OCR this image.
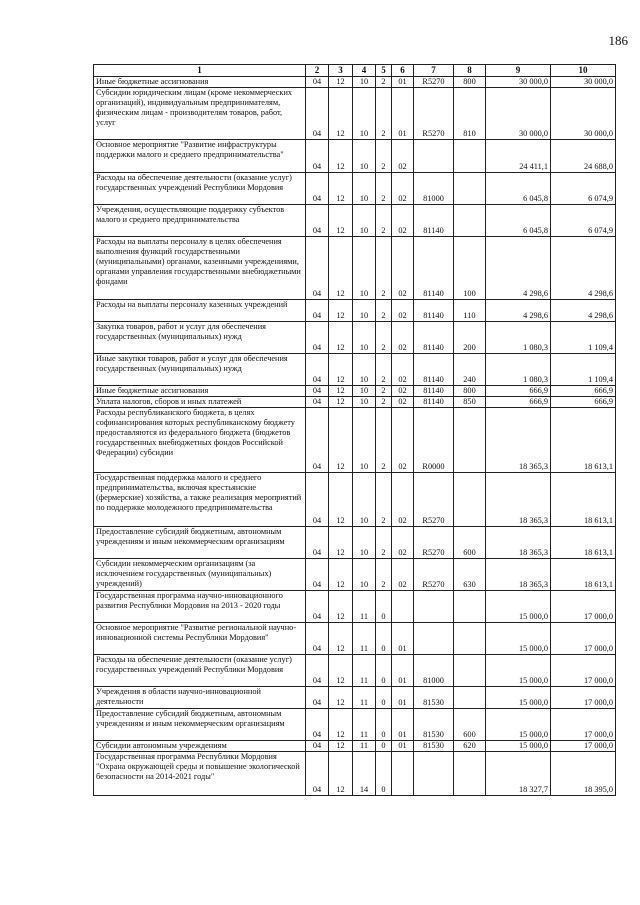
186
1	2	3	4	5	6	7	8	9	10
Иные бюджетные ассигнования	04	12	10	2	01	R5270	800	30 000,0	30 000,0
Субсидии юридическим лицам (кроме некоммерческих организаций), индивидуальным предпринимателям, физическим лицам - производителям товаров, работ, услуг	04	12	10	2	01	R5270	810	30 000,0	30 000,0
Основное мероприятие "Развитие инфраструктуры поддержки малого и среднего предпринимательства"	04	12	10	2	02			24 411,1	24 688,0
Расходы на обеспечение деятельности (оказание услуг) государственных учреждений Республики Мордовия	04	12	10	2	02	81000		6 045,8	6 074,9
Учреждения, осуществляющие поддержку субъектов малого и среднего предпринимательства	04	12	10	2	02	81140		6 045,8	6 074,9
Расходы на выплаты персоналу в целях обеспечения выполнения функций государственными (муниципальными) органами, казенными учреждениями, органами управления государственными внебюджетными фондами	04	12	10	2	02	81140	100	4 298,6	4 298,6
Расходы на выплаты персоналу казенных учреждений	04	12	10	2	02	81140	110	4 298,6	4 298,6
Закупка товаров, работ и услуг для обеспечения государственных (муниципальных) нужд	04	12	10	2	02	81140	200	1 080,3	1 109,4
Иные закупки товаров, работ и услуг для обеспечения государственных (муниципальных) нужд	04	12	10	2	02	81140	240	1 080,3	1 109,4
Иные бюджетные ассигнования	04	12	10	2	02	81140	800	666,9	666,9
Уплата налогов, сборов и иных платежей	04	12	10	2	02	81140	850	666,9	666,9
Расходы республиканского бюджета, в целях софинансирования которых республиканскому бюджету предоставляются из федерального бюджета (бюджетов государственных внебюджетных фондов Российской Федерации) субсидии	04	12	10	2	02	R0000		18 365,3	18 613,1
Государственная поддержка малого и среднего предпринимательства, включая крестьянские (фермерские) хозяйства, а также реализация мероприятий по поддержке молодежного предпринимательства	04	12	10	2	02	R5270		18 365,3	18 613,1
Предоставление субсидий бюджетным, автономным учреждениям и иным некоммерческим организациям	04	12	10	2	02	R5270	600	18 365,3	18 613,1
Субсидии некоммерческим организациям (за исключением государственных (муниципальных) учреждений)	04	12	10	2	02	R5270	630	18 365,3	18 613,1
Государственная программа научно-инновационного развития Республики Мордовия на 2013 - 2020 годы	04	12	11	0				15 000,0	17 000,0
Основное мероприятие "Развитие региональной научно-инновационной системы Республики Мордовия"	04	12	11	0	01			15 000,0	17 000,0
Расходы на обеспечение деятельности (оказание услуг) государственных учреждений Республики Мордовия	04	12	11	0	01	81000		15 000,0	17 000,0
Учреждения в области научно-инновационной деятельности	04	12	11	0	01	81530		15 000,0	17 000,0
Предоставление субсидий бюджетным, автономным учреждениям и иным некоммерческим организациям	04	12	11	0	01	81530	600	15 000,0	17 000,0
Субсидии автономным учреждениям	04	12	11	0	01	81530	620	15 000,0	17 000,0
Государственная программа Республики Мордовия "Охрана окружающей среды и повышение экологической безопасности на 2014-2021 годы"	04	12	14	0				18 327,7	18 395,0
